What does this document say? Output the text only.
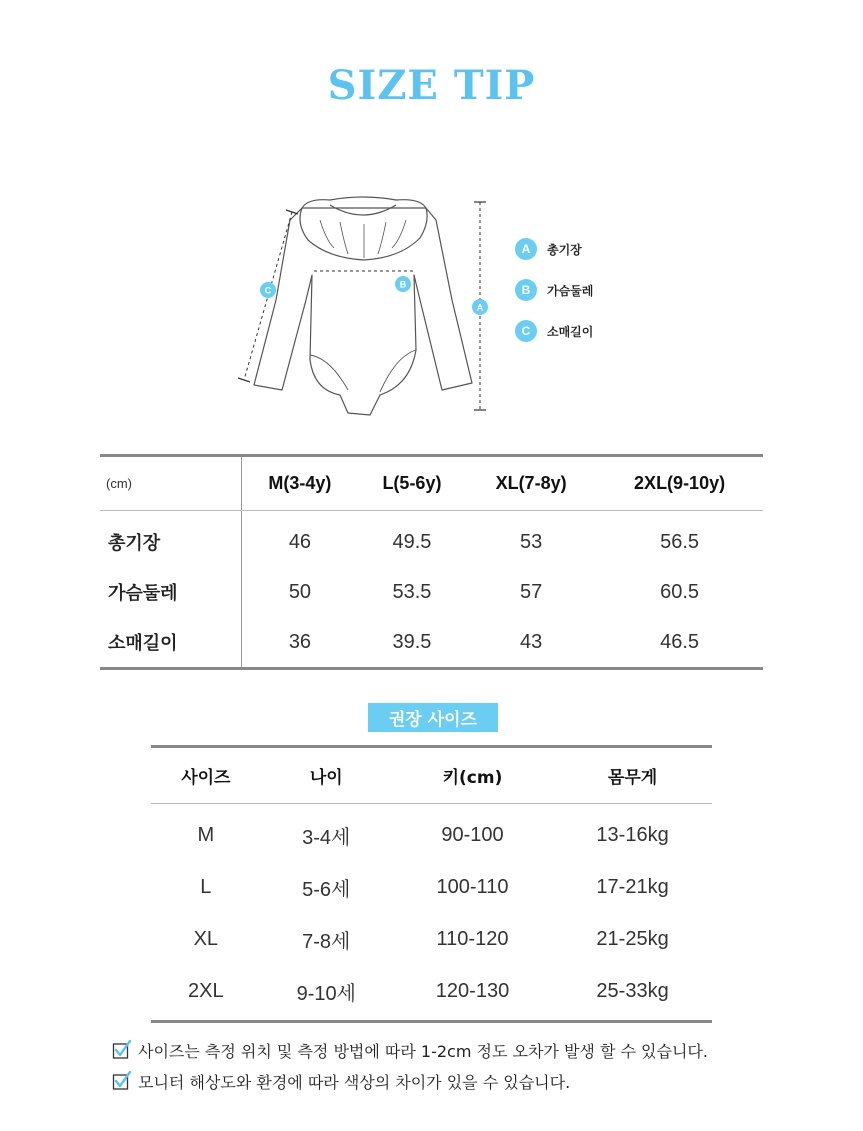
SIZE TIP
B
A
C
A	총기장
B	가슴둘레
C	소매길이
(cm)	M(3-4y)	L(5-6y)	XL(7-8y)	2XL(9-10y)
총기장	46	49.5	53	56.5
가슴둘레	50	53.5	57	60.5
소매길이	36	39.5	43	46.5
권장 사이즈
사이즈	나이	키(cm)	몸무게
M	3-4세	90-100	13-16kg
L	5-6세	100-110	17-21kg
XL	7-8세	110-120	21-25kg
2XL	9-10세	120-130	25-33kg
사이즈는 측정 위치 및 측정 방법에 따라 1-2cm 정도 오차가 발생 할 수 있습니다.
모니터 해상도와 환경에 따라 색상의 차이가 있을 수 있습니다.
